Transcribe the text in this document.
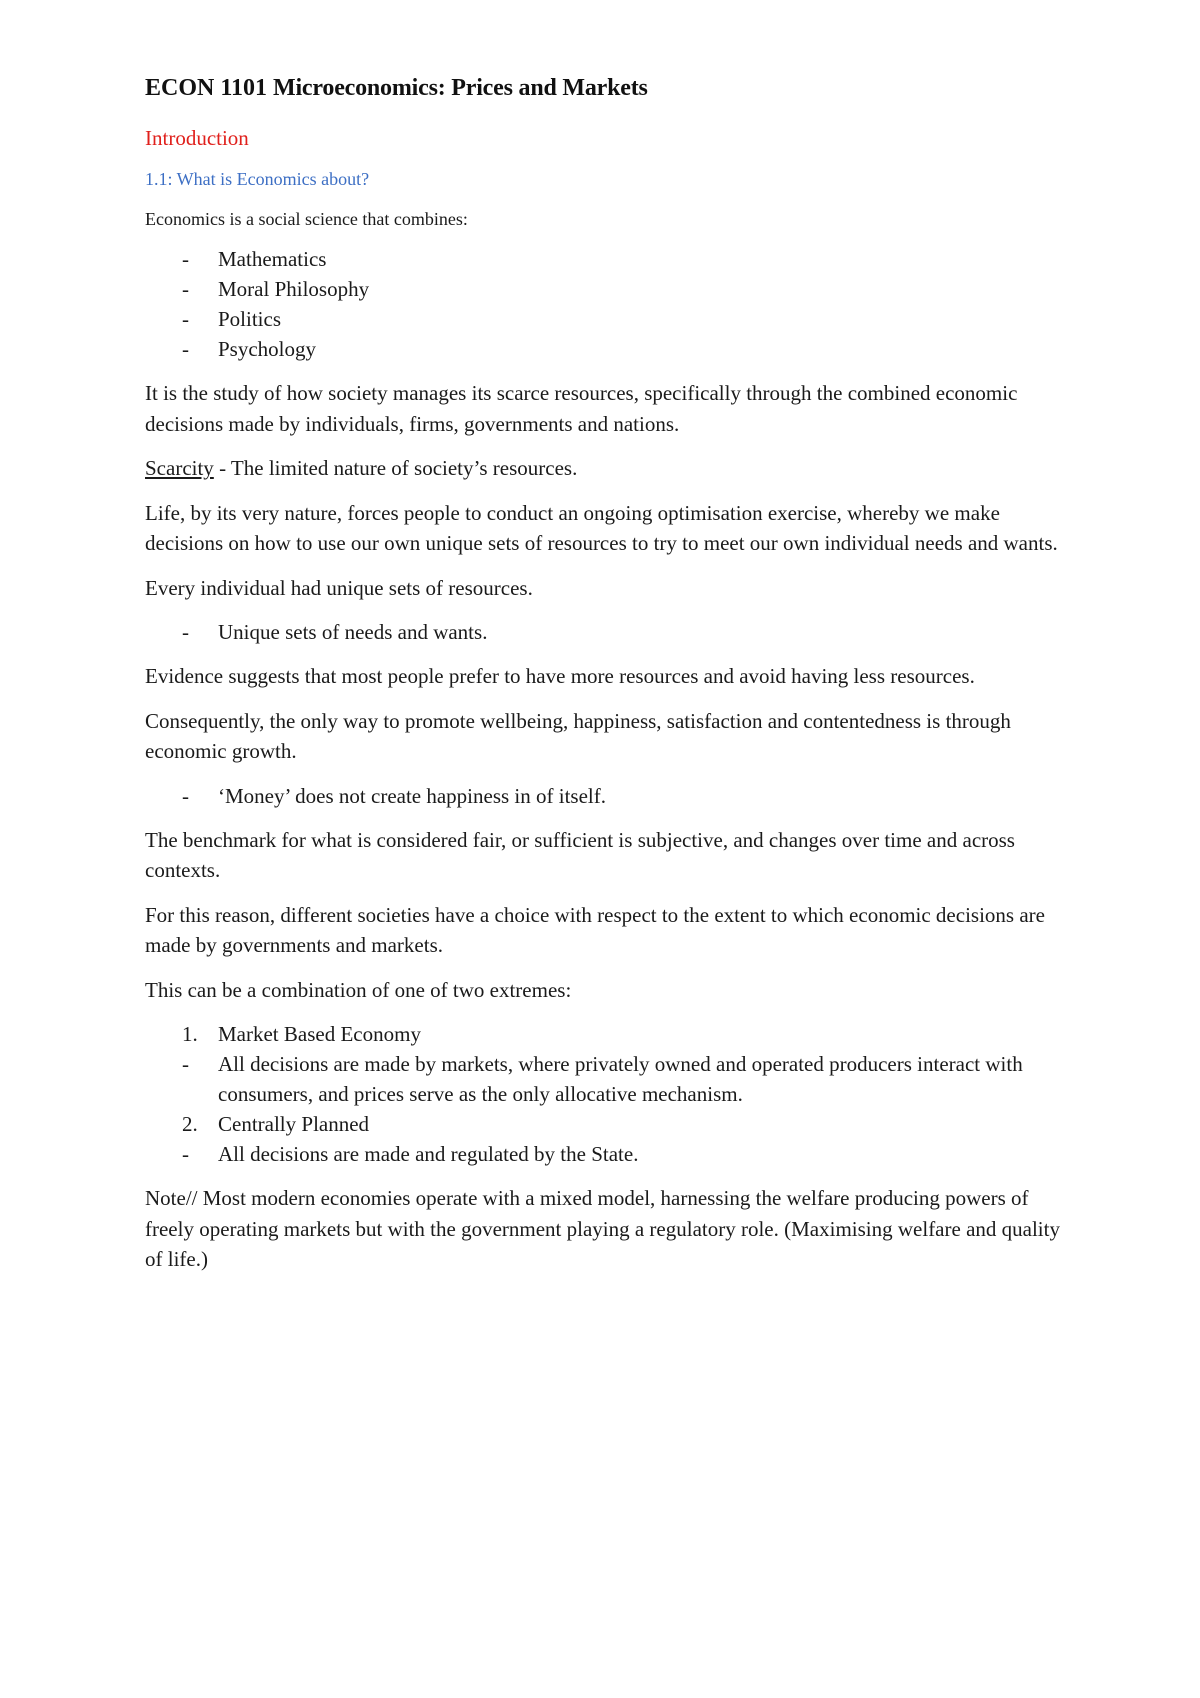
ECON 1101 Microeconomics: Prices and Markets
Introduction
1.1: What is Economics about?
Economics is a social science that combines:
- Mathematics
- Moral Philosophy
- Politics
- Psychology

It is the study of how society manages its scarce resources, specifically through the combined economic decisions made by individuals, firms, governments and nations.

Scarcity - The limited nature of society’s resources.

Life, by its very nature, forces people to conduct an ongoing optimisation exercise, whereby we make decisions on how to use our own unique sets of resources to try to meet our own individual needs and wants.

Every individual had unique sets of resources.

- Unique sets of needs and wants.

Evidence suggests that most people prefer to have more resources and avoid having less resources.

Consequently, the only way to promote wellbeing, happiness, satisfaction and contentedness is through economic growth.

- ‘Money’ does not create happiness in of itself.

The benchmark for what is considered fair, or sufficient is subjective, and changes over time and across contexts.

For this reason, different societies have a choice with respect to the extent to which economic decisions are made by governments and markets.

This can be a combination of one of two extremes:

1. Market Based Economy
- All decisions are made by markets, where privately owned and operated producers interact with consumers, and prices serve as the only allocative mechanism.
2. Centrally Planned
- All decisions are made and regulated by the State.

Note// Most modern economies operate with a mixed model, harnessing the welfare producing powers of freely operating markets but with the government playing a regulatory role. (Maximising welfare and quality of life.)
